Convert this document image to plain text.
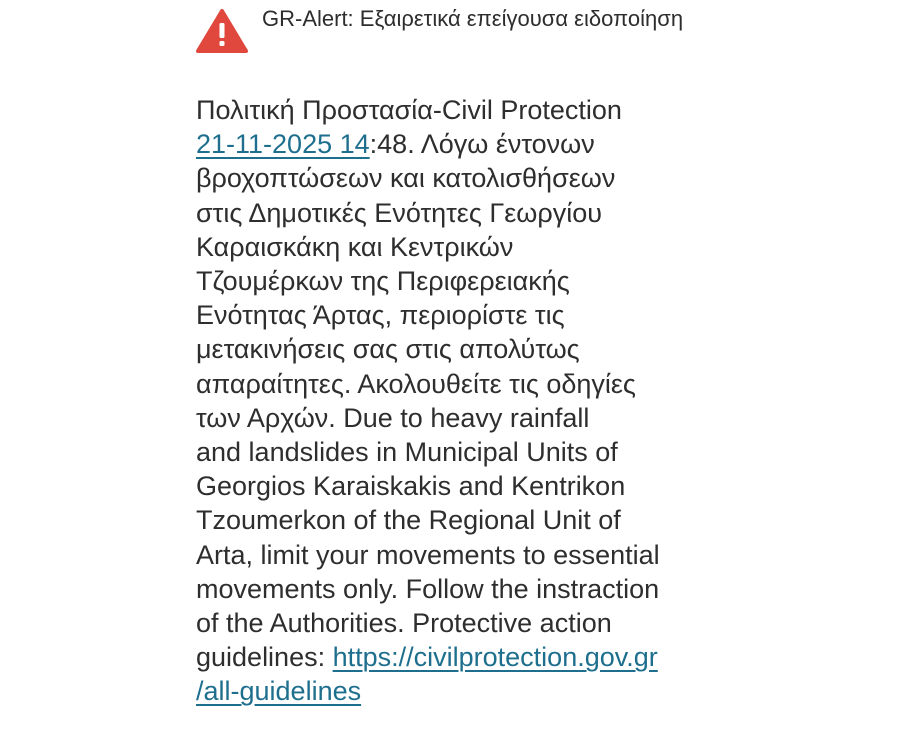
GR-Alert: Εξαιρετικά επείγουσα ειδοποίηση
Πολιτική Προστασία-Civil Protection
21-11-2025 14:48. Λόγω έντονων
βροχοπτώσεων και κατολισθήσεων
στις Δημοτικές Ενότητες Γεωργίου
Καραισκάκη και Κεντρικών
Τζουμέρκων της Περιφερειακής
Ενότητας Άρτας, περιορίστε τις
μετακινήσεις σας στις απολύτως
απαραίτητες. Ακολουθείτε τις οδηγίες
των Αρχών. Due to heavy rainfall
and landslides in Municipal Units of
Georgios Karaiskakis and Kentrikon
Tzoumerkon of the Regional Unit of
Arta, limit your movements to essential
movements only. Follow the instraction
of the Authorities. Protective action
guidelines: https://civilprotection.gov.gr
/all-guidelines
